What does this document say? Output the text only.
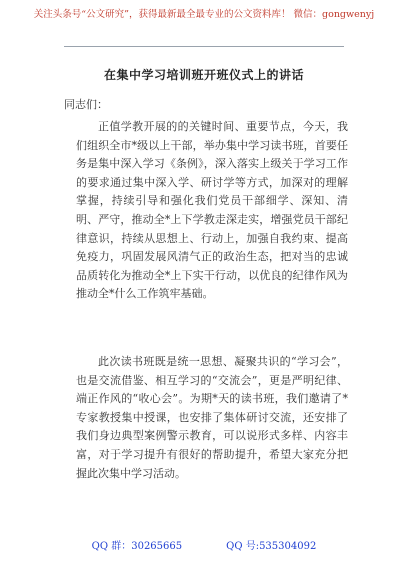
关注头条号“公文研究”，获得最新最全最专业的公文资料库！ 微信：gongwenyj
在集中学习培训班开班仪式上的讲话
同志们：
正值学教开展的的关键时间、重要节点，今天，我们组织全市*级以上干部，举办集中学习读书班，首要任务是集中深入学习《条例》，深入落实上级关于学习工作的要求通过集中深入学、研讨学等方式，加深对的理解掌握，持续引导和强化我们党员干部细学、深知、清明、严守，推动全*上下学教走深走实，增强党员干部纪律意识，持续从思想上、行动上，加强自我约束、提高免疫力，巩固发展风清气正的政治生态，把对当的忠诚品质转化为推动全*上下实干行动，以优良的纪律作风为推动全*什么工作筑牢基础。
此次读书班既是统一思想、凝聚共识的“学习会”，也是交流借鉴、相互学习的“交流会”，更是严明纪律、端正作风的“收心会”。为期*天的读书班，我们邀请了*专家教授集中授课，也安排了集体研讨交流，还安排了我们身边典型案例警示教育，可以说形式多样、内容丰富，对于学习提升有很好的帮助提升，希望大家充分把握此次集中学习活动。
QQ 群：30265665	QQ 号:535304092
